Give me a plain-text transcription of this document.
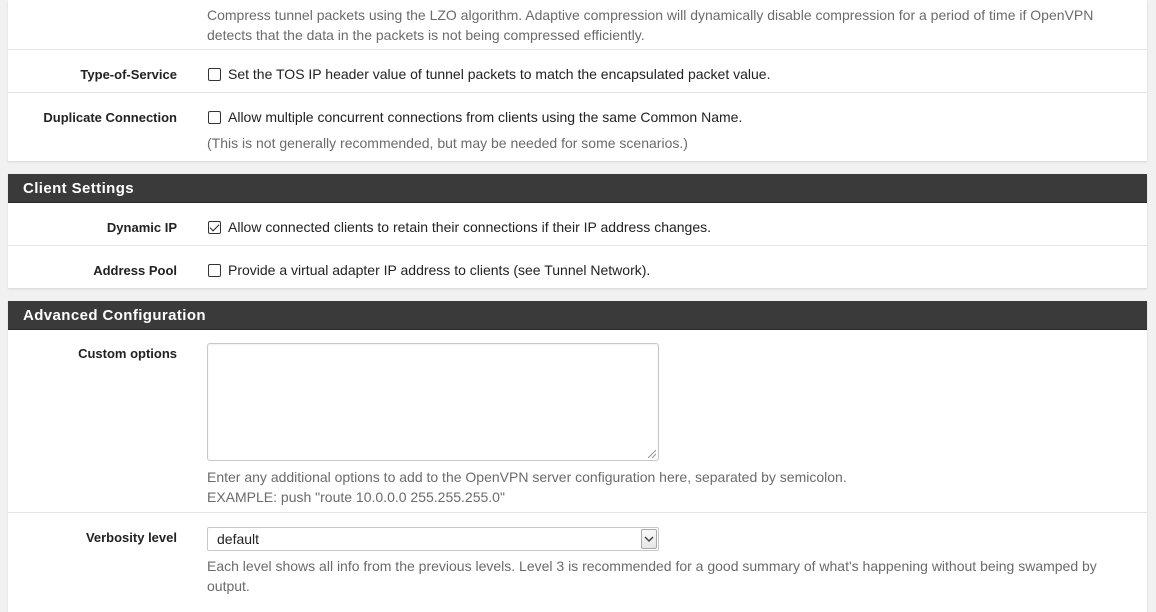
Compress tunnel packets using the LZO algorithm. Adaptive compression will dynamically disable compression for a period of time if OpenVPN
detects that the data in the packets is not being compressed efficiently.
Type-of-Service	Set the TOS IP header value of tunnel packets to match the encapsulated packet value.
Duplicate Connection	Allow multiple concurrent connections from clients using the same Common Name.
(This is not generally recommended, but may be needed for some scenarios.)
Client Settings
Dynamic IP	Allow connected clients to retain their connections if their IP address changes.
Address Pool	Provide a virtual adapter IP address to clients (see Tunnel Network).
Advanced Configuration
Custom options
Enter any additional options to add to the OpenVPN server configuration here, separated by semicolon.
EXAMPLE: push "route 10.0.0.0 255.255.255.0"
Verbosity level	default
Each level shows all info from the previous levels. Level 3 is recommended for a good summary of what's happening without being swamped by
output.
